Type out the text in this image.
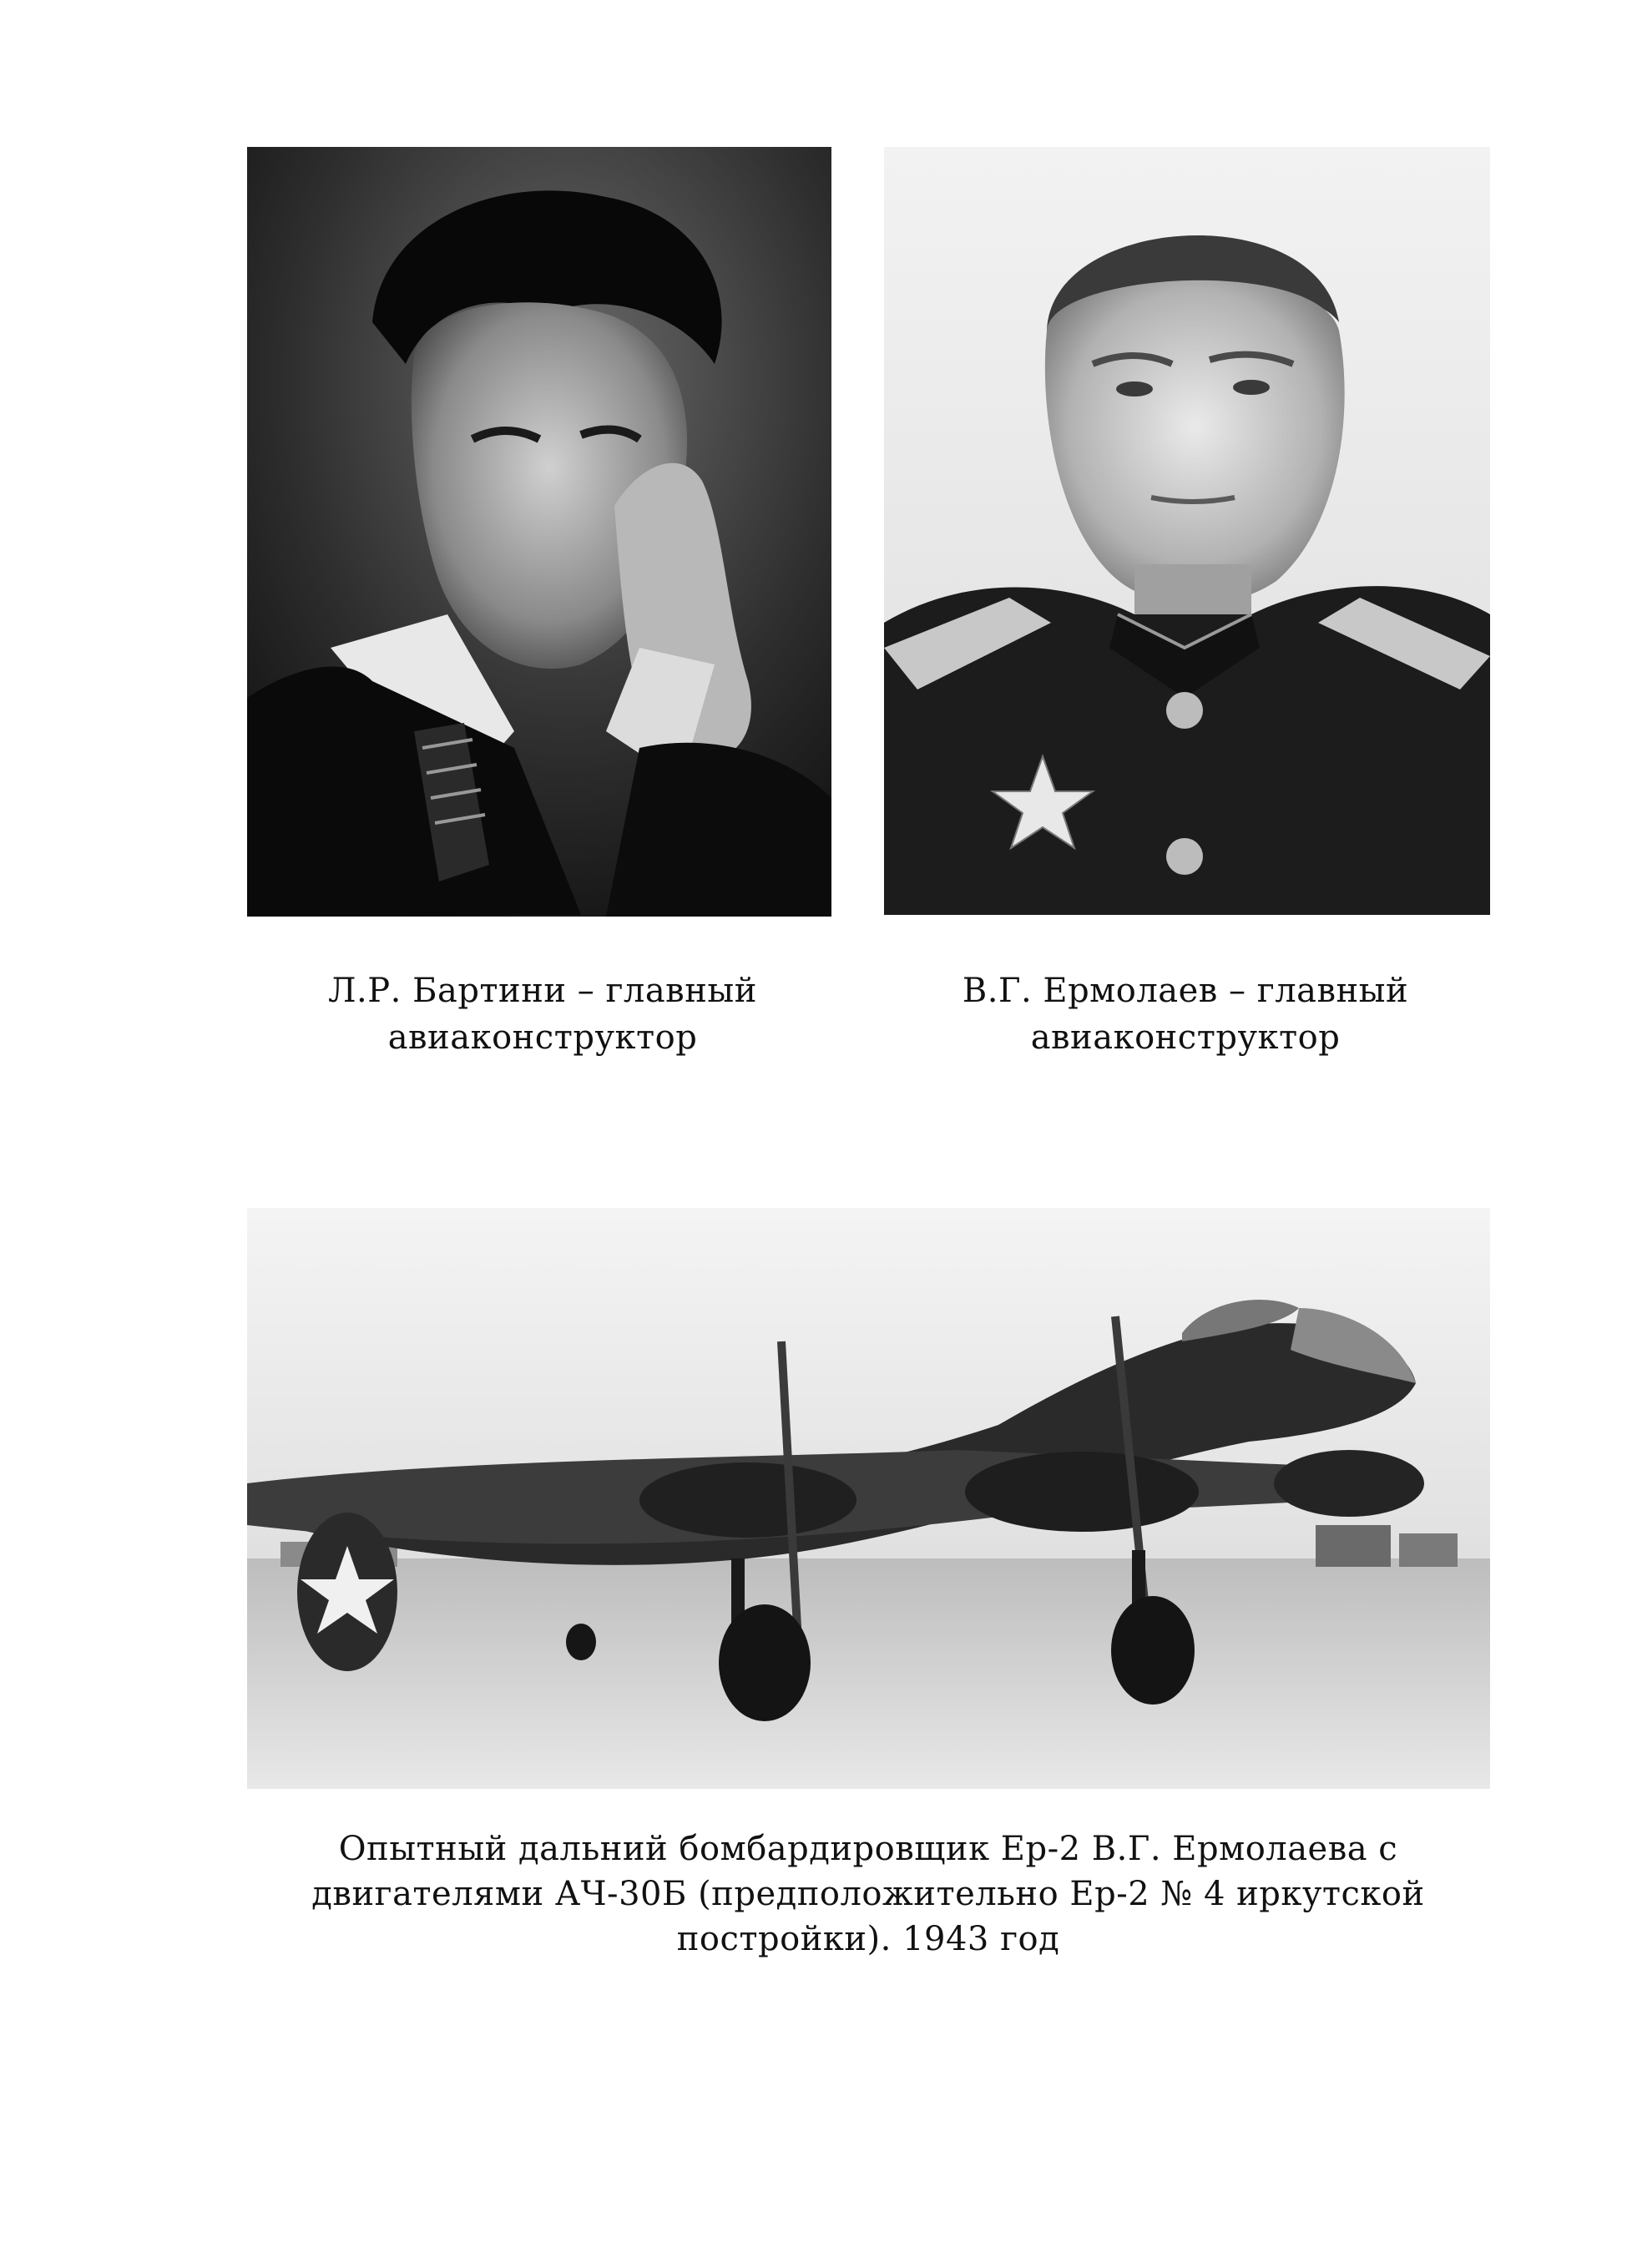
Л.Р. Бартини – главный
авиаконструктор
В.Г. Ермолаев – главный
авиаконструктор
Опытный дальний бомбардировщик Ер-2 В.Г. Ермолаева с
двигателями АЧ-30Б (предположительно Ер-2 № 4 иркутской
постройки). 1943 год
